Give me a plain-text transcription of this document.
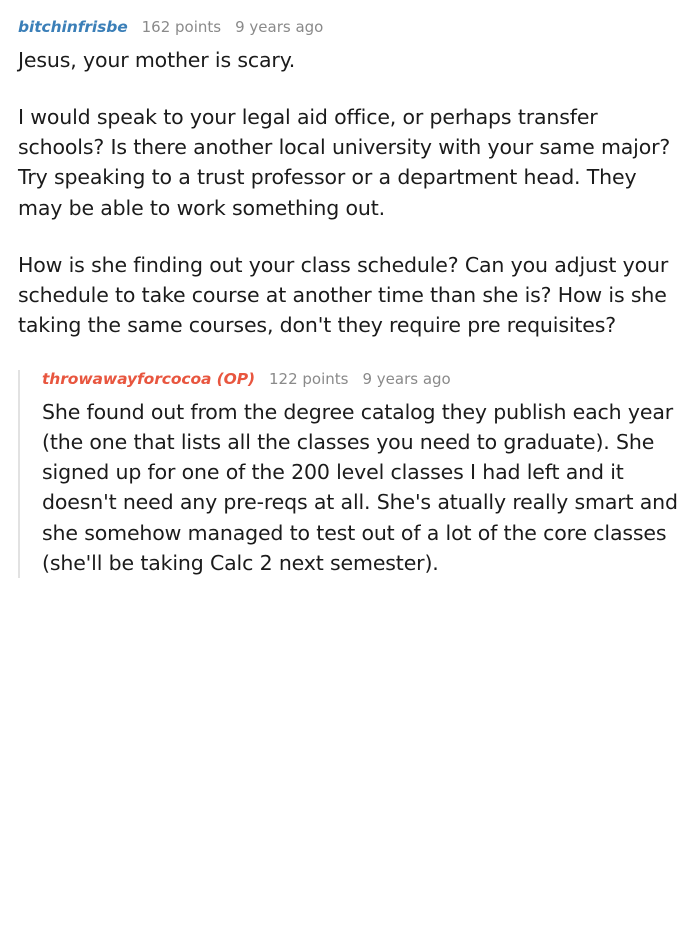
bitchinfrisbe 162 points 9 years ago

Jesus, your mother is scary.

I would speak to your legal aid office, or perhaps transfer schools? Is there another local university with your same major? Try speaking to a trust professor or a department head. They may be able to work something out.

How is she finding out your class schedule? Can you adjust your schedule to take course at another time than she is? How is she taking the same courses, don't they require pre requisites?

throwawayforcocoa (OP) 122 points 9 years ago

She found out from the degree catalog they publish each year (the one that lists all the classes you need to graduate). She signed up for one of the 200 level classes I had left and it doesn't need any pre-reqs at all. She's atually really smart and she somehow managed to test out of a lot of the core classes (she'll be taking Calc 2 next semester).
